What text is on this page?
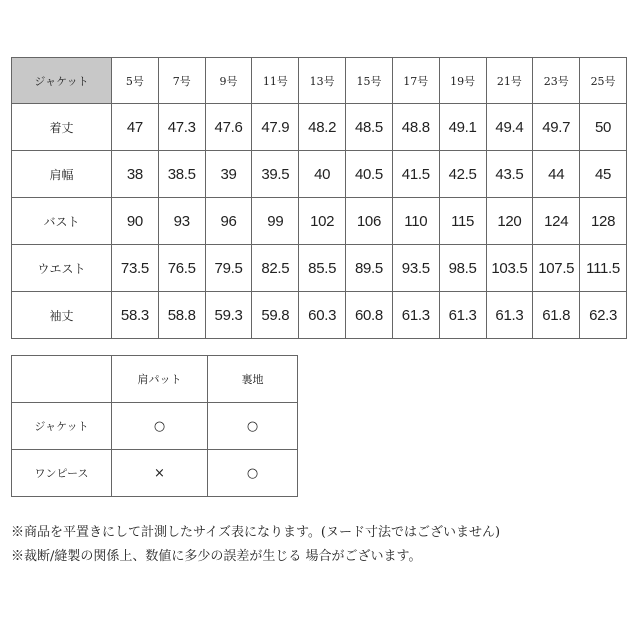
ジャケット	5号	7号	9号	11号	13号	15号	17号	19号	21号	23号	25号
着丈	47	47.3	47.6	47.9	48.2	48.5	48.8	49.1	49.4	49.7	50
肩幅	38	38.5	39	39.5	40	40.5	41.5	42.5	43.5	44	45
バスト	90	93	96	99	102	106	110	115	120	124	128
ウエスト	73.5	76.5	79.5	82.5	85.5	89.5	93.5	98.5	103.5	107.5	111.5
袖丈	58.3	58.8	59.3	59.8	60.3	60.8	61.3	61.3	61.3	61.8	62.3
	肩パット	裏地
ジャケット	○	○
ワンピース	×	○
※商品を平置きにして計測したサイズ表になります。(ヌード寸法ではございません)
※裁断/縫製の関係上、数値に多少の誤差が生じる 場合がございます。
